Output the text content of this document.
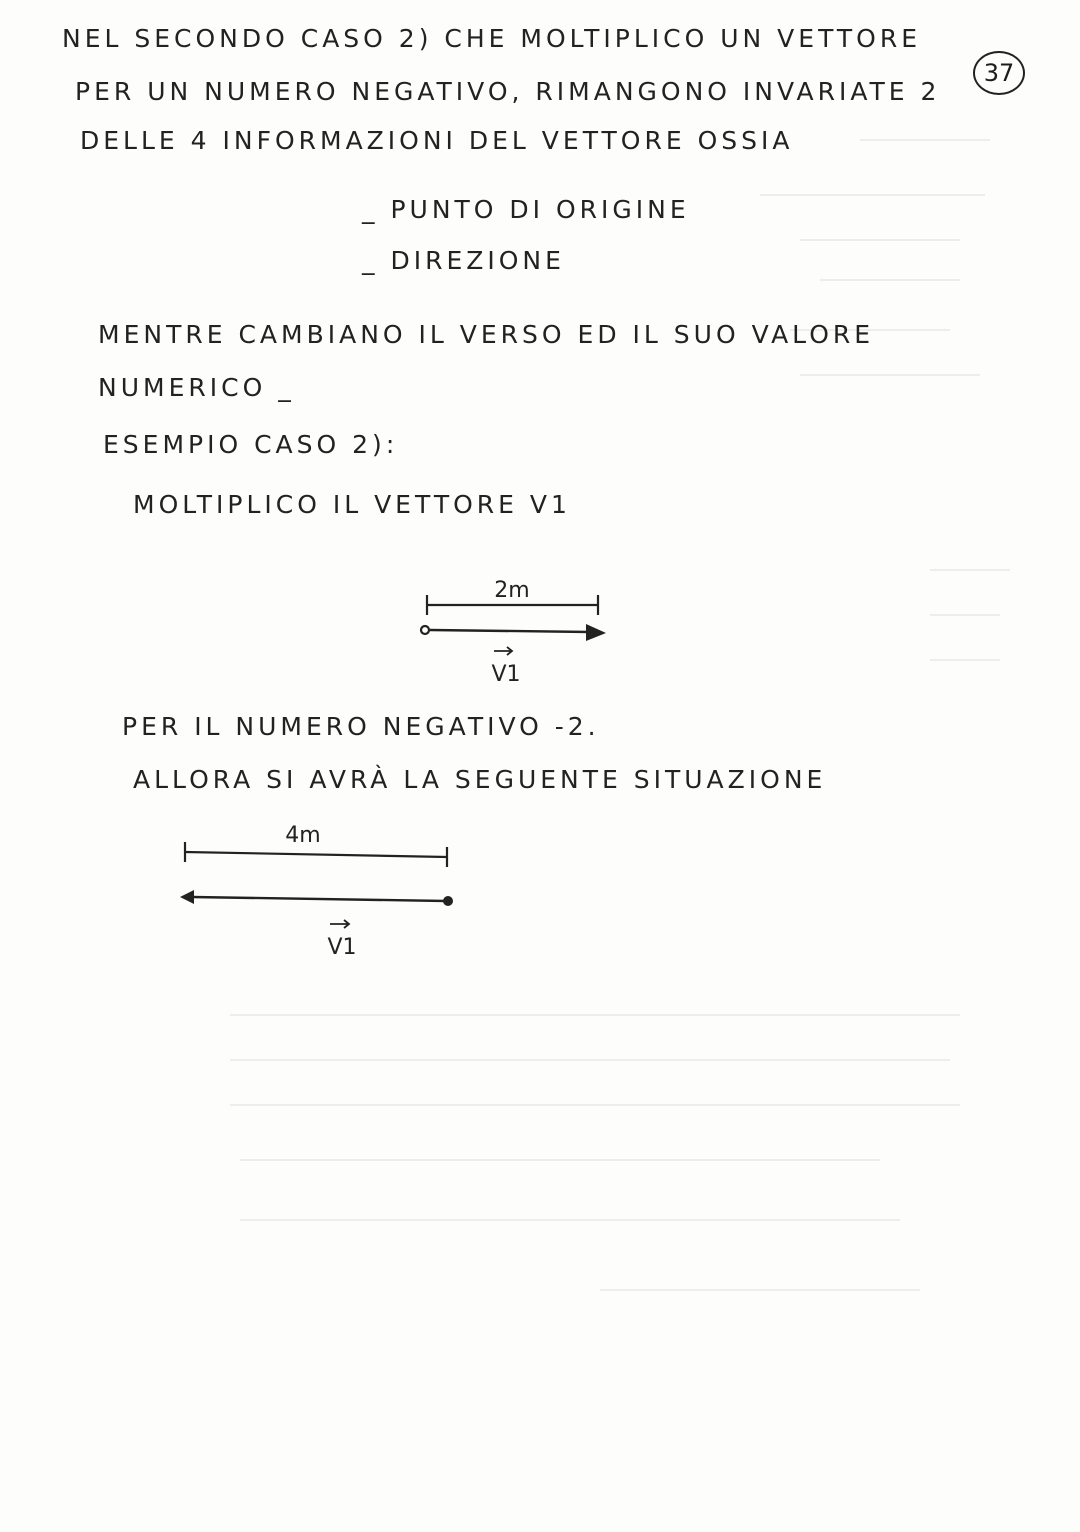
37
NEL SECONDO CASO 2) CHE MOLTIPLICO UN VETTORE
PER UN NUMERO NEGATIVO, RIMANGONO INVARIATE 2
DELLE 4 INFORMAZIONI DEL VETTORE OSSIA
_ PUNTO DI ORIGINE
_ DIREZIONE
MENTRE CAMBIANO IL VERSO ED IL SUO VALORE
NUMERICO _
ESEMPIO CASO 2):
MOLTIPLICO IL VETTORE V1
2m
V1
PER IL NUMERO NEGATIVO -2.
ALLORA SI AVRÀ LA SEGUENTE SITUAZIONE
4m
V1
